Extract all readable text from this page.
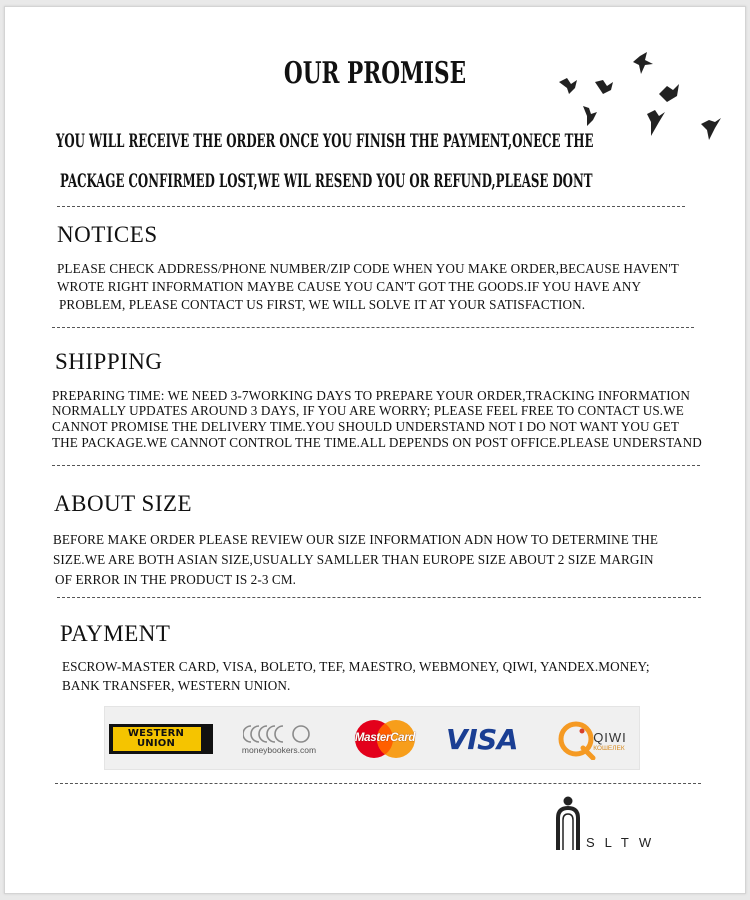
OUR PROMISE
YOU WILL RECEIVE THE ORDER ONCE YOU FINISH THE PAYMENT,ONECE THE
PACKAGE CONFIRMED LOST,WE WIL RESEND YOU OR REFUND,PLEASE DONT
NOTICES
PLEASE CHECK ADDRESS/PHONE NUMBER/ZIP CODE WHEN YOU MAKE ORDER,BECAUSE HAVEN'T
WROTE RIGHT INFORMATION MAYBE CAUSE YOU CAN'T GOT THE GOODS.IF YOU HAVE ANY
PROBLEM, PLEASE CONTACT US FIRST, WE WILL SOLVE IT AT YOUR SATISFACTION.
SHIPPING
PREPARING TIME: WE NEED 3-7WORKING DAYS TO PREPARE YOUR ORDER,TRACKING INFORMATION
NORMALLY UPDATES AROUND 3 DAYS, IF YOU ARE WORRY; PLEASE FEEL FREE TO CONTACT US.WE
CANNOT PROMISE THE DELIVERY TIME.YOU SHOULD UNDERSTAND NOT I DO NOT WANT YOU GET
THE PACKAGE.WE CANNOT CONTROL THE TIME.ALL DEPENDS ON POST OFFICE.PLEASE UNDERSTAND
ABOUT SIZE
BEFORE MAKE ORDER PLEASE REVIEW OUR SIZE INFORMATION ADN HOW TO DETERMINE THE
SIZE.WE ARE BOTH ASIAN SIZE,USUALLY SAMLLER THAN EUROPE SIZE ABOUT 2 SIZE MARGIN
OF ERROR IN THE PRODUCT IS 2-3 CM.
PAYMENT
ESCROW-MASTER CARD, VISA, BOLETO, TEF, MAESTRO, WEBMONEY, QIWI, YANDEX.MONEY;
BANK TRANSFER, WESTERN UNION.
WESTERN
UNION
moneybookers.com
MasterCard VISA	QIWI
КОШЕЛЕК
SLTW
